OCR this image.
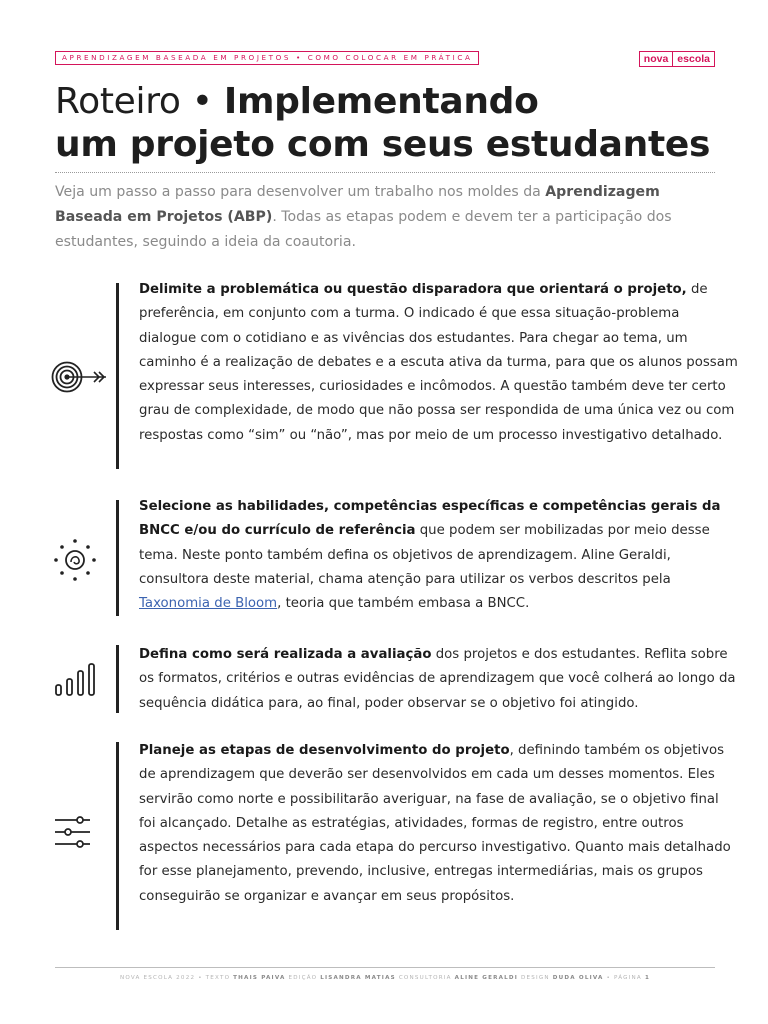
APRENDIZAGEM BASEADA EM PROJETOS • COMO COLOCAR EM PRÁTICA	nova escola
Roteiro • Implementando
um projeto com seus estudantes
Veja um passo a passo para desenvolver um trabalho nos moldes da Aprendizagem Baseada em Projetos (ABP). Todas as etapas podem e devem ter a participação dos estudantes, seguindo a ideia da coautoria.
Delimite a problemática ou questão disparadora que orientará o projeto, de preferência, em conjunto com a turma. O indicado é que essa situação-problema dialogue com o cotidiano e as vivências dos estudantes. Para chegar ao tema, um caminho é a realização de debates e a escuta ativa da turma, para que os alunos possam expressar seus interesses, curiosidades e incômodos. A questão também deve ter certo grau de complexidade, de modo que não possa ser respondida de uma única vez ou com respostas como “sim” ou “não”, mas por meio de um processo investigativo detalhado.
Selecione as habilidades, competências específicas e competências gerais da BNCC e/ou do currículo de referência que podem ser mobilizadas por meio desse tema. Neste ponto também defina os objetivos de aprendizagem. Aline Geraldi, consultora deste material, chama atenção para utilizar os verbos descritos pela Taxonomia de Bloom, teoria que também embasa a BNCC.
Defina como será realizada a avaliação dos projetos e dos estudantes. Reflita sobre os formatos, critérios e outras evidências de aprendizagem que você colherá ao longo da sequência didática para, ao final, poder observar se o objetivo foi atingido.
Planeje as etapas de desenvolvimento do projeto, definindo também os objetivos de aprendizagem que deverão ser desenvolvidos em cada um desses momentos. Eles servirão como norte e possibilitarão averiguar, na fase de avaliação, se o objetivo final foi alcançado. Detalhe as estratégias, atividades, formas de registro, entre outros aspectos necessários para cada etapa do percurso investigativo. Quanto mais detalhado for esse planejamento, prevendo, inclusive, entregas intermediárias, mais os grupos conseguirão se organizar e avançar em seus propósitos.
NOVA ESCOLA 2022 • TEXTO THAIS PAIVA EDIÇÃO LISANDRA MATIAS CONSULTORIA ALINE GERALDI DESIGN DUDA OLIVA • PÁGINA 1
